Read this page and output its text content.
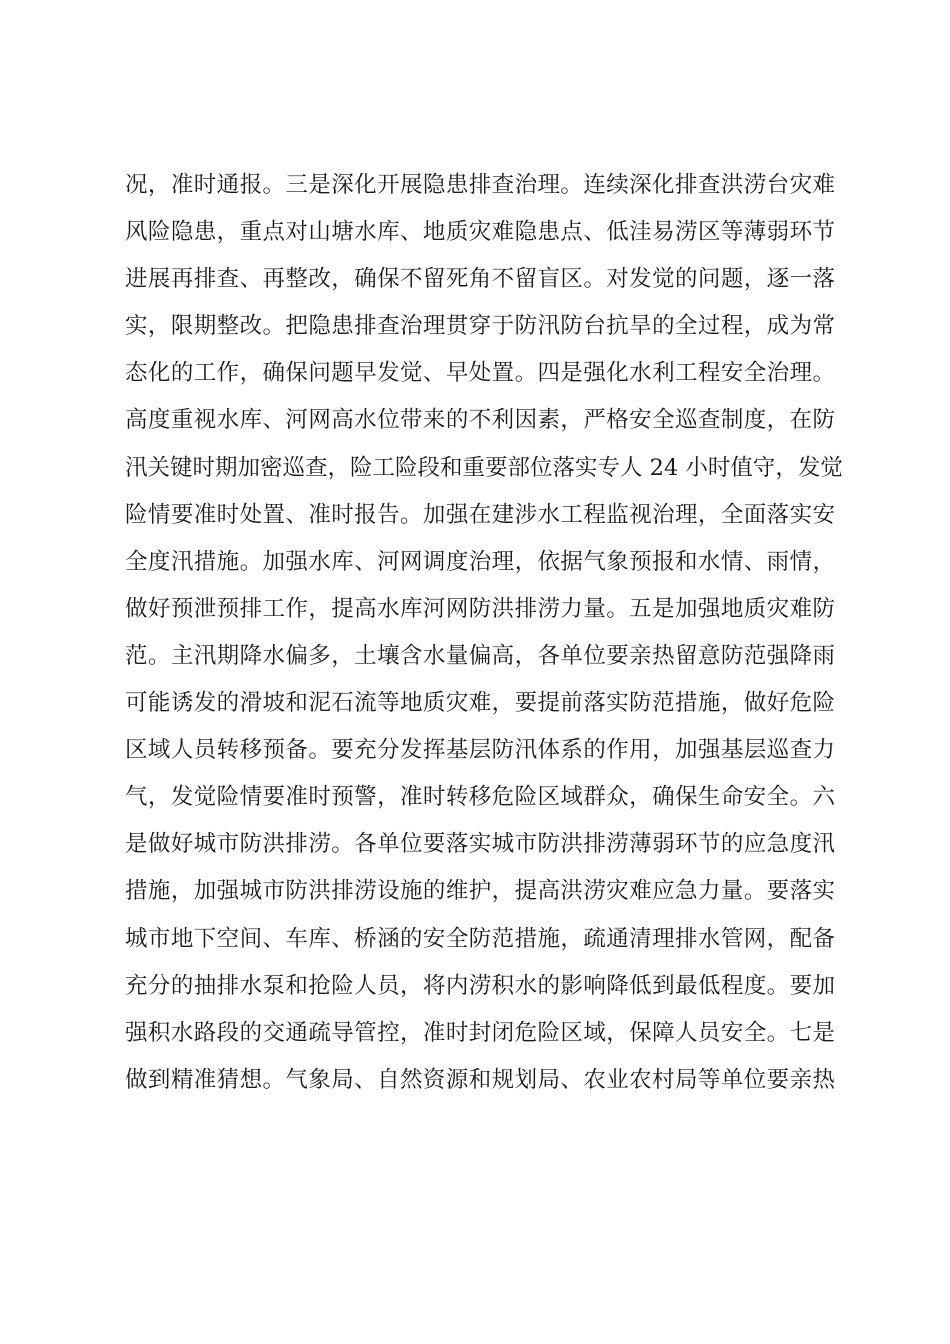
况，准时通报。三是深化开展隐患排查治理。连续深化排查洪涝台灾难
风险隐患，重点对山塘水库、地质灾难隐患点、低洼易涝区等薄弱环节
进展再排查、再整改，确保不留死角不留盲区。对发觉的问题，逐一落
实，限期整改。把隐患排查治理贯穿于防汛防台抗旱的全过程，成为常
态化的工作，确保问题早发觉、早处置。四是强化水利工程安全治理。
高度重视水库、河网高水位带来的不利因素，严格安全巡查制度，在防
汛关键时期加密巡查，险工险段和重要部位落实专人 24 小时值守，发觉
险情要准时处置、准时报告。加强在建涉水工程监视治理，全面落实安
全度汛措施。加强水库、河网调度治理，依据气象预报和水情、雨情，
做好预泄预排工作，提高水库河网防洪排涝力量。五是加强地质灾难防
范。主汛期降水偏多，土壤含水量偏高，各单位要亲热留意防范强降雨
可能诱发的滑坡和泥石流等地质灾难，要提前落实防范措施，做好危险
区域人员转移预备。要充分发挥基层防汛体系的作用，加强基层巡查力
气，发觉险情要准时预警，准时转移危险区域群众，确保生命安全。六
是做好城市防洪排涝。各单位要落实城市防洪排涝薄弱环节的应急度汛
措施，加强城市防洪排涝设施的维护，提高洪涝灾难应急力量。要落实
城市地下空间、车库、桥涵的安全防范措施，疏通清理排水管网，配备
充分的抽排水泵和抢险人员，将内涝积水的影响降低到最低程度。要加
强积水路段的交通疏导管控，准时封闭危险区域，保障人员安全。七是
做到精准猜想。气象局、自然资源和规划局、农业农村局等单位要亲热
